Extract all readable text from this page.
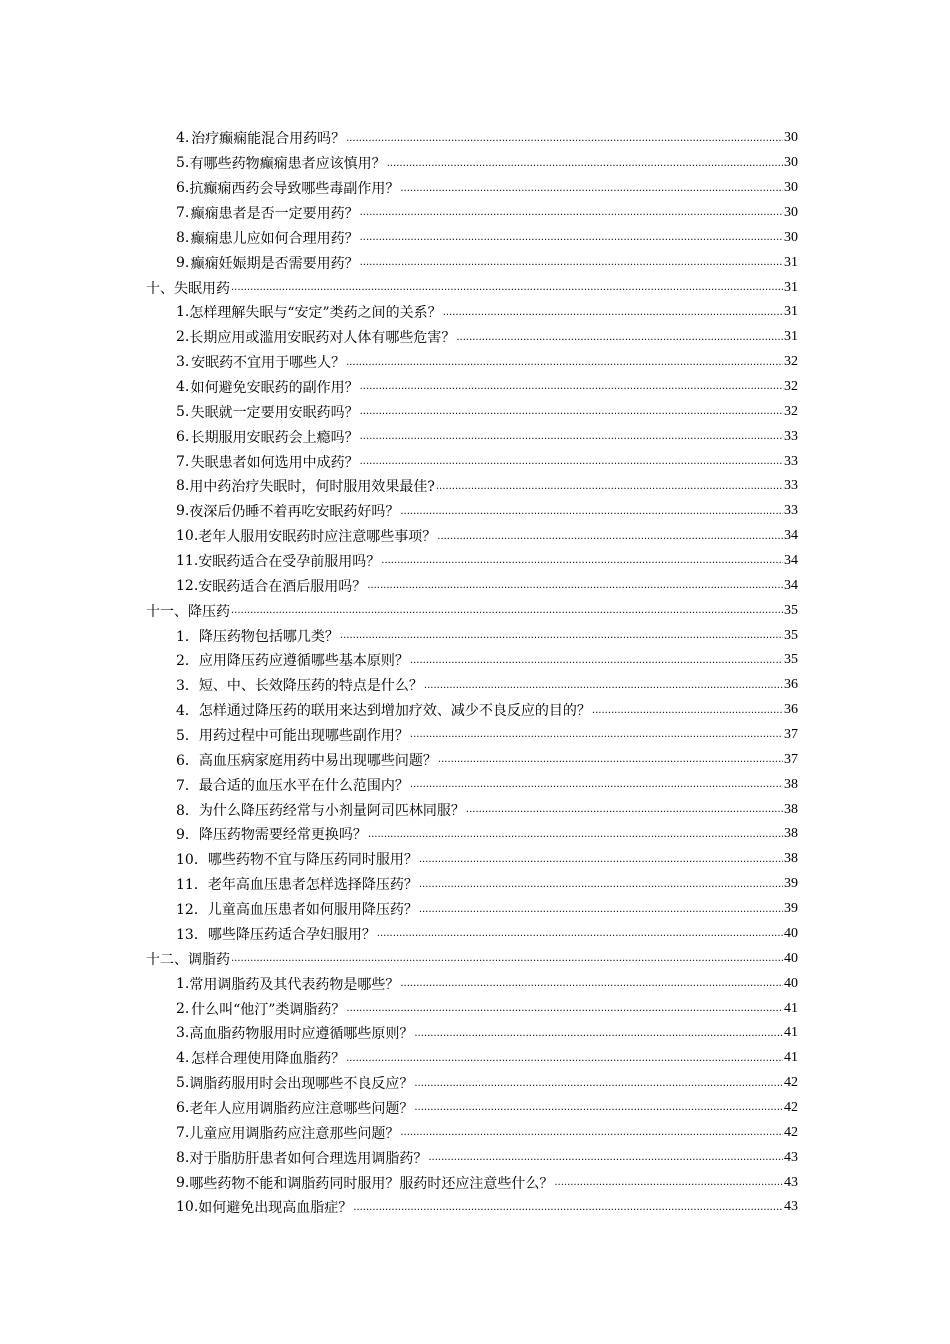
4. 治疗癫痫能混合用药吗？ .....	30
5. 有哪些药物癫痫患者应该慎用？ .....	30
6. 抗癫痫西药会导致哪些毒副作用？ .....	30
7. 癫痫患者是否一定要用药？ .....	30
8. 癫痫患儿应如何合理用药？ .....	30
9. 癫痫妊娠期是否需要用药？ .....	31
十、失眠用药 .....	31
1. 怎样理解失眠与“安定”类药之间的关系？ .....	31
2. 长期应用或滥用安眠药对人体有哪些危害？ .....	31
3. 安眠药不宜用于哪些人？ .....	32
4. 如何避免安眠药的副作用？ .....	32
5. 失眠就一定要用安眠药吗？ .....	32
6. 长期服用安眠药会上瘾吗？ .....	33
7. 失眠患者如何选用中成药？ .....	33
8. 用中药治疗失眠时，何时服用效果最佳? .....	33
9. 夜深后仍睡不着再吃安眠药好吗？ .....	33
10. 老年人服用安眠药时应注意哪些事项？ .....	34
11. 安眠药适合在受孕前服用吗？ .....	34
12. 安眠药适合在酒后服用吗？ .....	34
十一、降压药 .....	35
1． 降压药物包括哪几类？ .....	35
2． 应用降压药应遵循哪些基本原则？ .....	35
3． 短、中、长效降压药的特点是什么？ .....	36
4． 怎样通过降压药的联用来达到增加疗效、减少不良反应的目的？ .....	36
5． 用药过程中可能出现哪些副作用？ .....	37
6． 高血压病家庭用药中易出现哪些问题？ .....	37
7． 最合适的血压水平在什么范围内？ .....	38
8． 为什么降压药经常与小剂量阿司匹林同服？ .....	38
9． 降压药物需要经常更换吗？ .....	38
10． 哪些药物不宜与降压药同时服用？ .....	38
11． 老年高血压患者怎样选择降压药？ .....	39
12． 儿童高血压患者如何服用降压药？ .....	39
13． 哪些降压药适合孕妇服用？ .....	40
十二、调脂药 .....	40
1. 常用调脂药及其代表药物是哪些？ .....	40
2. 什么叫“他汀”类调脂药？ .....	41
3. 高血脂药物服用时应遵循哪些原则？ .....	41
4. 怎样合理使用降血脂药？ .....	41
5. 调脂药服用时会出现哪些不良反应？ .....	42
6. 老年人应用调脂药应注意哪些问题？ .....	42
7. 儿童应用调脂药应注意那些问题？ .....	42
8. 对于脂肪肝患者如何合理选用调脂药？ .....	43
9. 哪些药物不能和调脂药同时服用？服药时还应注意些什么？ .....	43
10. 如何避免出现高血脂症？ .....	43
